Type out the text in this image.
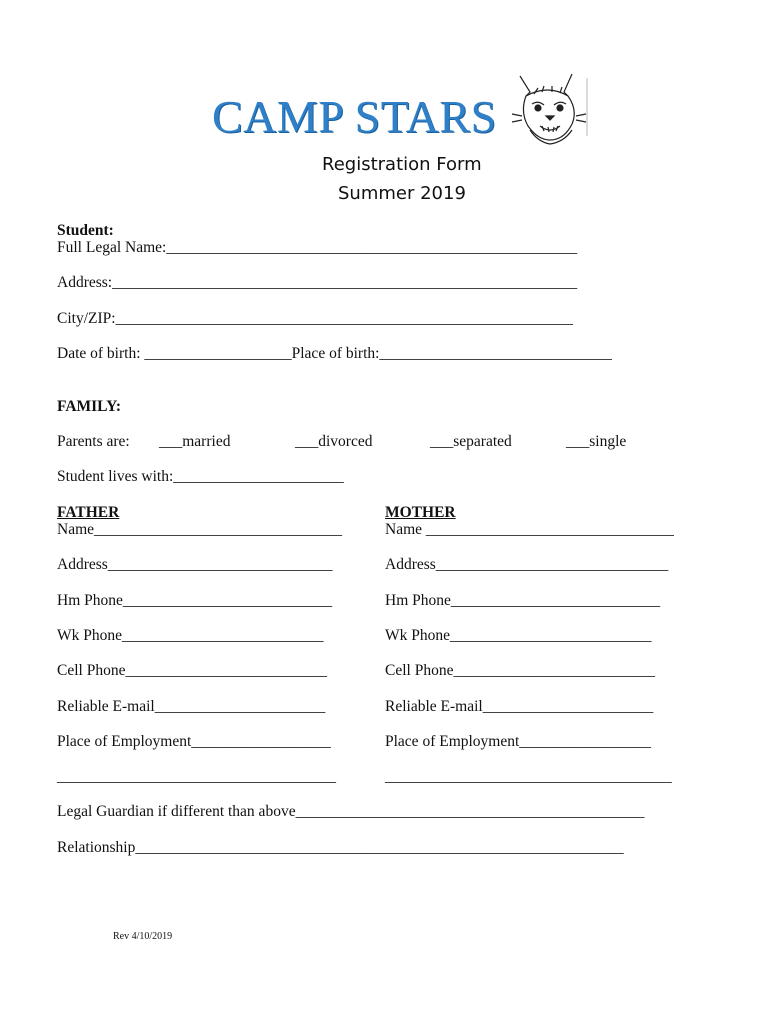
CAMP STARS
Registration Form
Summer 2019
Student:
Full Legal Name:_____________________________________________________
Address:____________________________________________________________
City/ZIP:___________________________________________________________
Date of birth: ___________________Place of birth:______________________________
FAMILY:
Parents are: ___married	___divorced	___separated	___single
Student lives with:______________________
FATHER
Name________________________________
Address_____________________________
Hm Phone___________________________
Wk Phone__________________________
Cell Phone__________________________
Reliable E-mail______________________
Place of Employment__________________
____________________________________
MOTHER
Name ________________________________
Address______________________________
Hm Phone___________________________
Wk Phone__________________________
Cell Phone__________________________
Reliable E-mail______________________
Place of Employment_________________
_____________________________________
Legal Guardian if different than above_____________________________________________
Relationship_______________________________________________________________
Rev 4/10/2019
